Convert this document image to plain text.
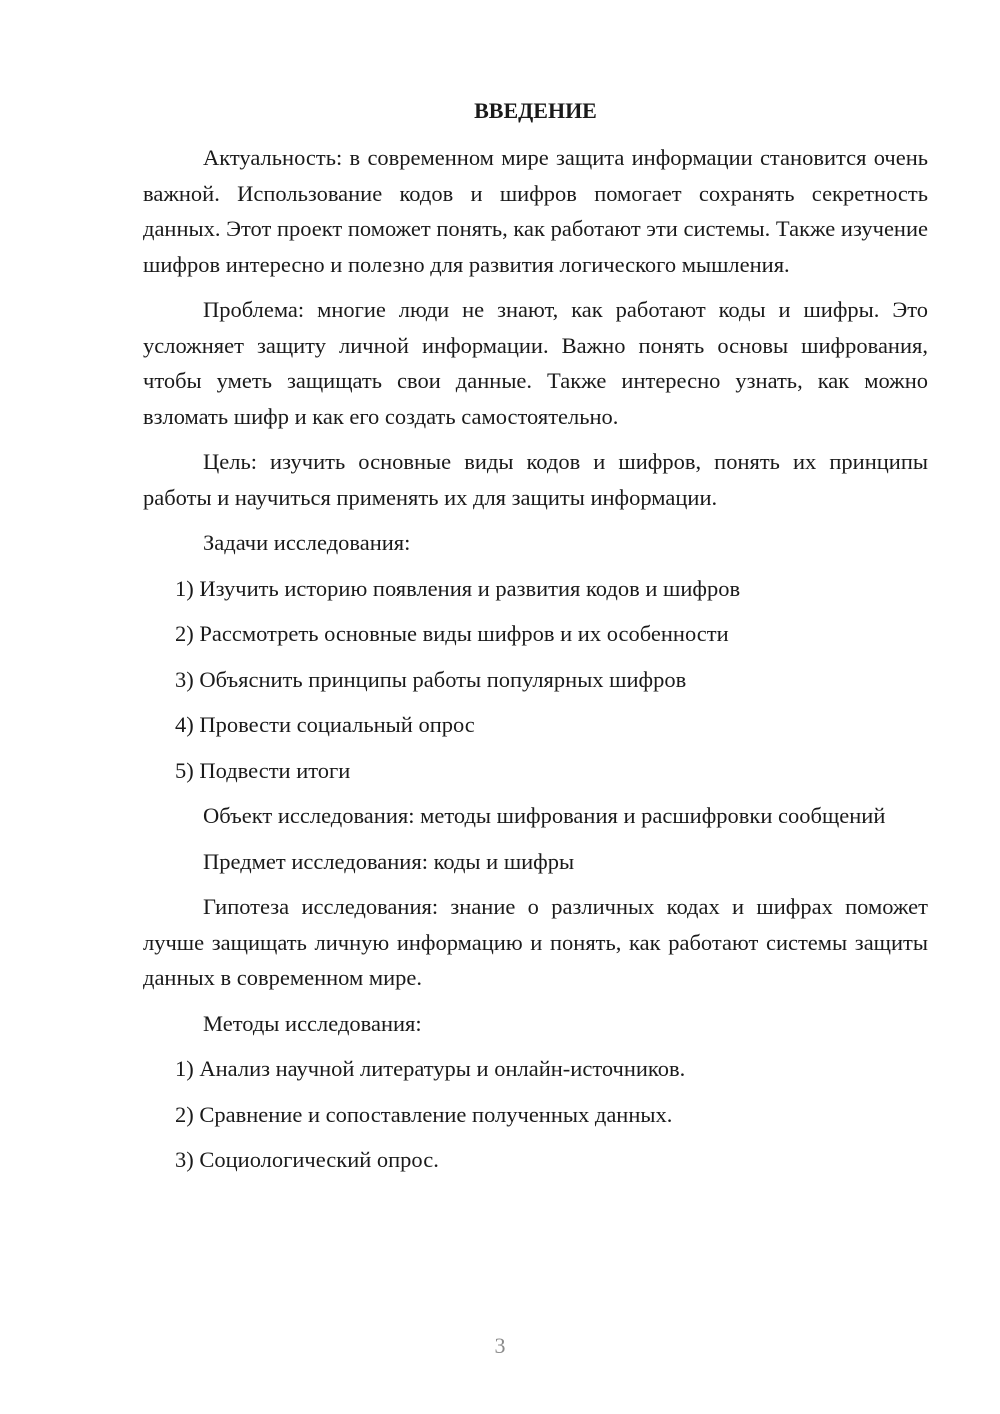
ВВЕДЕНИЕ

Актуальность: в современном мире защита информации становится очень важной. Использование кодов и шифров помогает сохранять секретность данных. Этот проект поможет понять, как работают эти системы. Также изучение шифров интересно и полезно для развития логического мышления.

Проблема: многие люди не знают, как работают коды и шифры. Это усложняет защиту личной информации. Важно понять основы шифрования, чтобы уметь защищать свои данные. Также интересно узнать, как можно взломать шифр и как его создать самостоятельно.

Цель: изучить основные виды кодов и шифров, понять их принципы работы и научиться применять их для защиты информации.

Задачи исследования:

1) Изучить историю появления и развития кодов и шифров
2) Рассмотреть основные виды шифров и их особенности
3) Объяснить принципы работы популярных шифров
4) Провести социальный опрос
5) Подвести итоги

Объект исследования: методы шифрования и расшифровки сообщений

Предмет исследования: коды и шифры

Гипотеза исследования: знание о различных кодах и шифрах поможет лучше защищать личную информацию и понять, как работают системы защиты данных в современном мире.

Методы исследования:

1) Анализ научной литературы и онлайн-источников.
2) Сравнение и сопоставление полученных данных.
3) Социологический опрос.
3
